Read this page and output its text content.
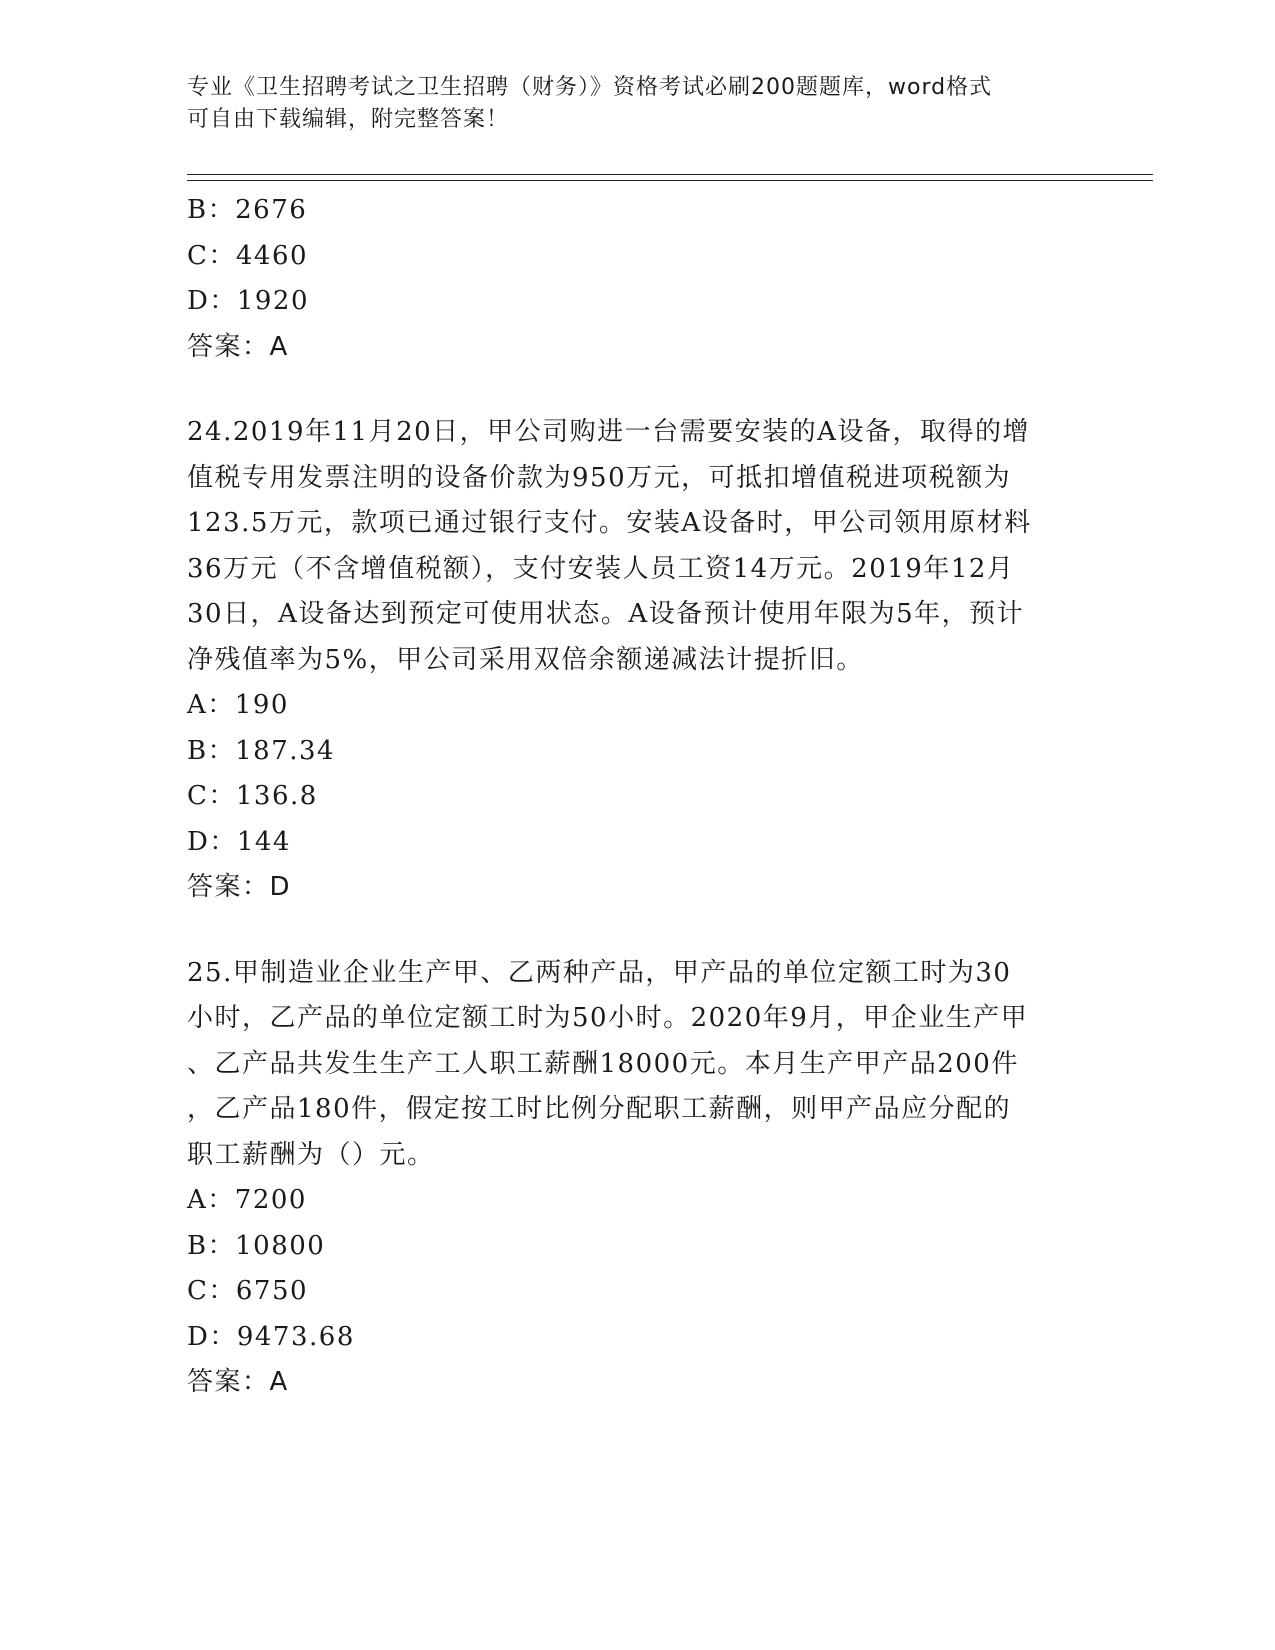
专业《卫生招聘考试之卫生招聘（财务）》资格考试必刷200题题库，word格式

可自由下载编辑，附完整答案！

B：2676
C：4460
D：1920
答案：A
24.2019年11月20日，甲公司购进一台需要安装的A设备，取得的增
值税专用发票注明的设备价款为950万元，可抵扣增值税进项税额为
123.5万元，款项已通过银行支付。安装A设备时，甲公司领用原材料
36万元（不含增值税额），支付安装人员工资14万元。2019年12月
30日，A设备达到预定可使用状态。A设备预计使用年限为5年，预计
净残值率为5%，甲公司采用双倍余额递减法计提折旧。
A：190
B：187.34
C：136.8
D：144
答案：D
25.甲制造业企业生产甲、乙两种产品，甲产品的单位定额工时为30
小时，乙产品的单位定额工时为50小时。2020年9月，甲企业生产甲
、乙产品共发生生产工人职工薪酬18000元。本月生产甲产品200件
，乙产品180件，假定按工时比例分配职工薪酬，则甲产品应分配的
职工薪酬为（）元。
A：7200
B：10800
C：6750
D：9473.68
答案：A
